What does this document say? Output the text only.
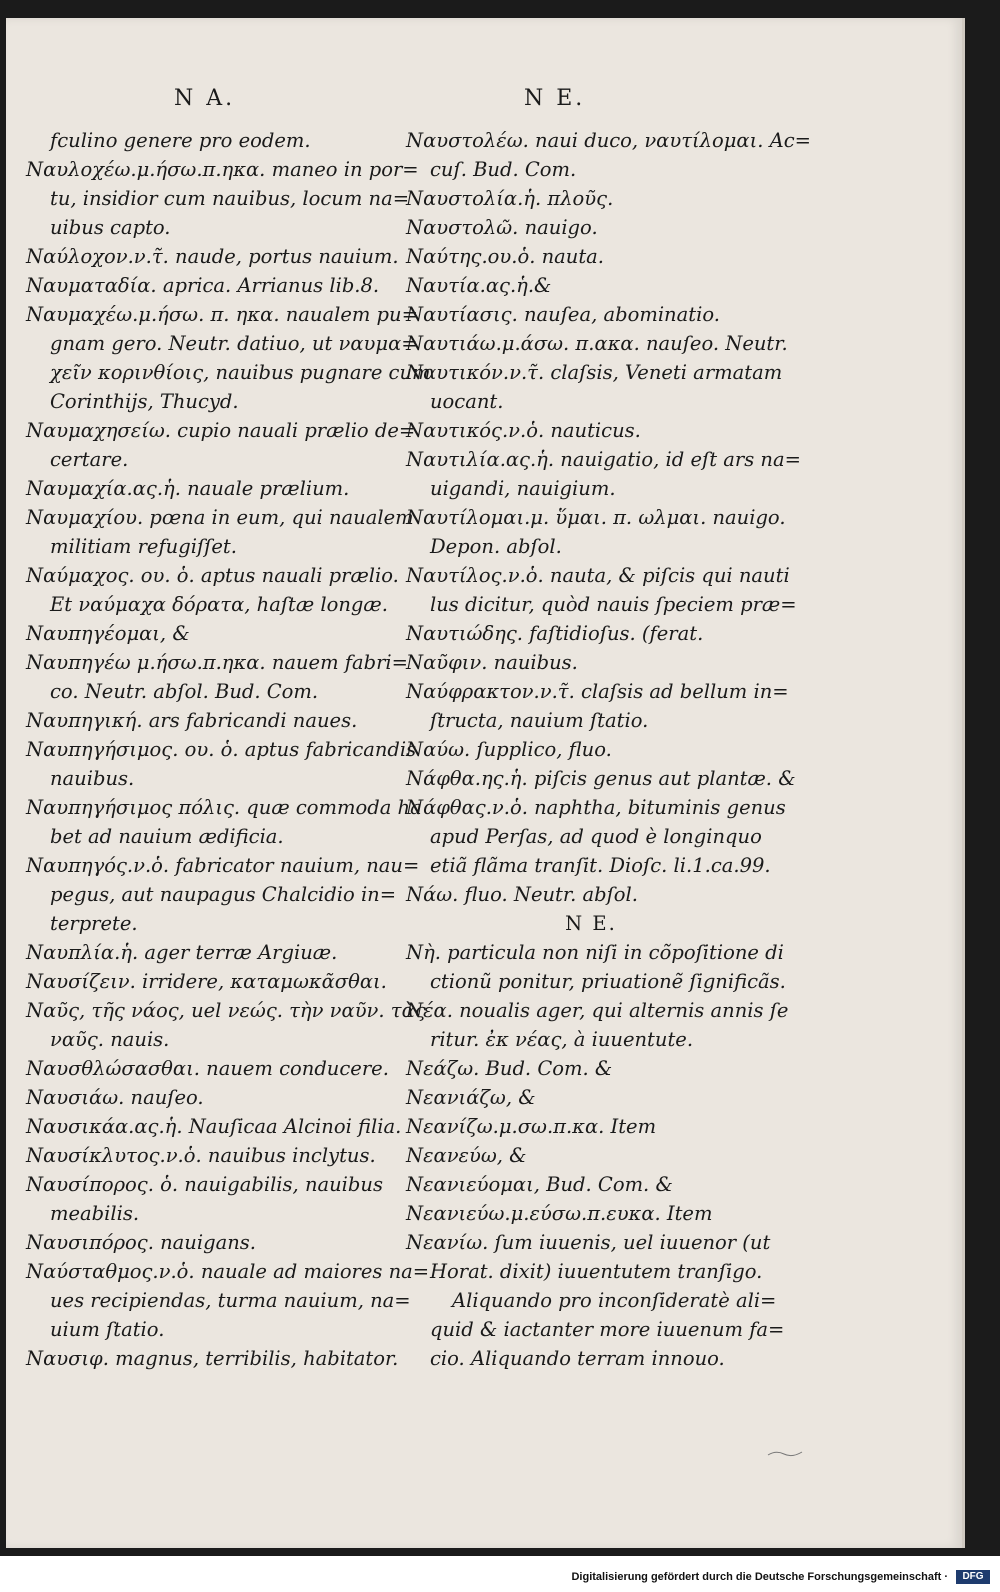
N A.	N E.
fculino genere pro eodem.
Ναυλοχέω.μ.ήσω.π.ηκα. maneo in por=
tu, insidior cum nauibus, locum na=
uibus capto.
Ναύλοχον.ν.τ̃. naude, portus nauium.
Ναυματαδία. aprica. Arrianus lib.8.
Ναυμαχέω.μ.ήσω. π. ηκα. naualem pu=
gnam gero. Neutr. datiuo, ut ναυμα=
χεῖν κορινθίοις, nauibus pugnare cum
Corinthijs, Thucyd.
Ναυμαχησείω. cupio nauali prælio de=
certare.
Ναυμαχία.ας.ἡ. nauale prælium.
Ναυμαχίου. pœna in eum, qui naualem
militiam refugiſſet.
Ναύμαχος. ου. ὁ. aptus nauali prælio.
Et ναύμαχα δόρατα, haſtæ longæ.
Ναυπηγέομαι, &
Ναυπηγέω μ.ήσω.π.ηκα. nauem fabri=
co. Neutr. abſol. Bud. Com.
Ναυπηγική. ars fabricandi naues.
Ναυπηγήσιμος. ου. ὁ. aptus fabricandis
nauibus.
Ναυπηγήσιμος πόλις. quæ commoda ha
bet ad nauium ædificia.
Ναυπηγός.ν.ὁ. fabricator nauium, nau=
pegus, aut naupagus Chalcidio in=
terprete.
Ναυπλία.ἡ. ager terræ Argiuæ.
Ναυσίζειν. irridere, καταμωκᾶσθαι.
Ναῦς, τῆς νάος, uel νεώς. τὴν ναῦν. τὰς
ναῦς. nauis.
Ναυσθλώσασθαι. nauem conducere.
Ναυσιάω. nauſeo.
Ναυσικάα.ας.ἡ. Nauſicaa Alcinoi filia.
Ναυσίκλυτος.ν.ὁ. nauibus inclytus.
Ναυσίπορος. ὁ. nauigabilis, nauibus
meabilis.
Ναυσιπόρος. nauigans.
Ναύσταθμος.ν.ὁ. nauale ad maiores na=
ues recipiendas, turma nauium, na=
uium ſtatio.
Ναυσιφ. magnus, terribilis, habitator.
Ναυστολέω. naui duco, ναυτίλομαι. Ac=
cuſ. Bud. Com.
Ναυστολία.ἡ. πλοῦς.
Ναυστολῶ. nauigo.
Ναύτης.ου.ὁ. nauta.
Ναυτία.ας.ἡ.&
Ναυτίασις. nauſea, abominatio.
Ναυτιάω.μ.άσω. π.ακα. nauſeo. Neutr.
Ναυτικόν.ν.τ̃. claſsis, Veneti armatam
uocant.
Ναυτικός.ν.ὁ. nauticus.
Ναυτιλία.ας.ἡ. nauigatio, id eſt ars na=
uigandi, nauigium.
Ναυτίλομαι.μ. ὕμαι. π. ωλμαι. nauigo.
Depon. abſol.
Ναυτίλος.ν.ὁ. nauta, & piſcis qui nauti
lus dicitur, quòd nauis ſpeciem præ=
Ναυτιώδης. faſtidioſus. (ferat.
Ναῦφιν. nauibus.
Ναύφρακτον.ν.τ̃. claſsis ad bellum in=
ſtructa, nauium ſtatio.
Ναύω. ſupplico, fluo.
Νάφθα.ης.ἡ. piſcis genus aut plantæ. &
Νάφθας.ν.ὁ. naphtha, bituminis genus
apud Perſas, ad quod è longinquo
etiã flãma tranſit. Dioſc. li.1.ca.99.
Νάω. fluo. Neutr. abſol.
N E.
Νὴ. particula non niſi in cõpoſitione di
ctionũ ponitur, priuationẽ ſignificãs.
Νέα. noualis ager, qui alternis annis ſe
ritur. ἐκ νέας, à iuuentute.
Νεάζω. Bud. Com. &
Νεανιάζω, &
Νεανίζω.μ.σω.π.κα. Item
Νεανεύω, &
Νεανιεύομαι, Bud. Com. &
Νεανιεύω.μ.εύσω.π.ευκα. Item
Νεανίω. ſum iuuenis, uel iuuenor (ut
Horat. dixit) iuuentutem tranſigo.
Aliquando pro inconſideratè ali=
quid & iactanter more iuuenum fa=
cio. Aliquando terram innouo.
Digitalisierung gefördert durch die Deutsche Forschungsgemeinschaft ·	DFG
